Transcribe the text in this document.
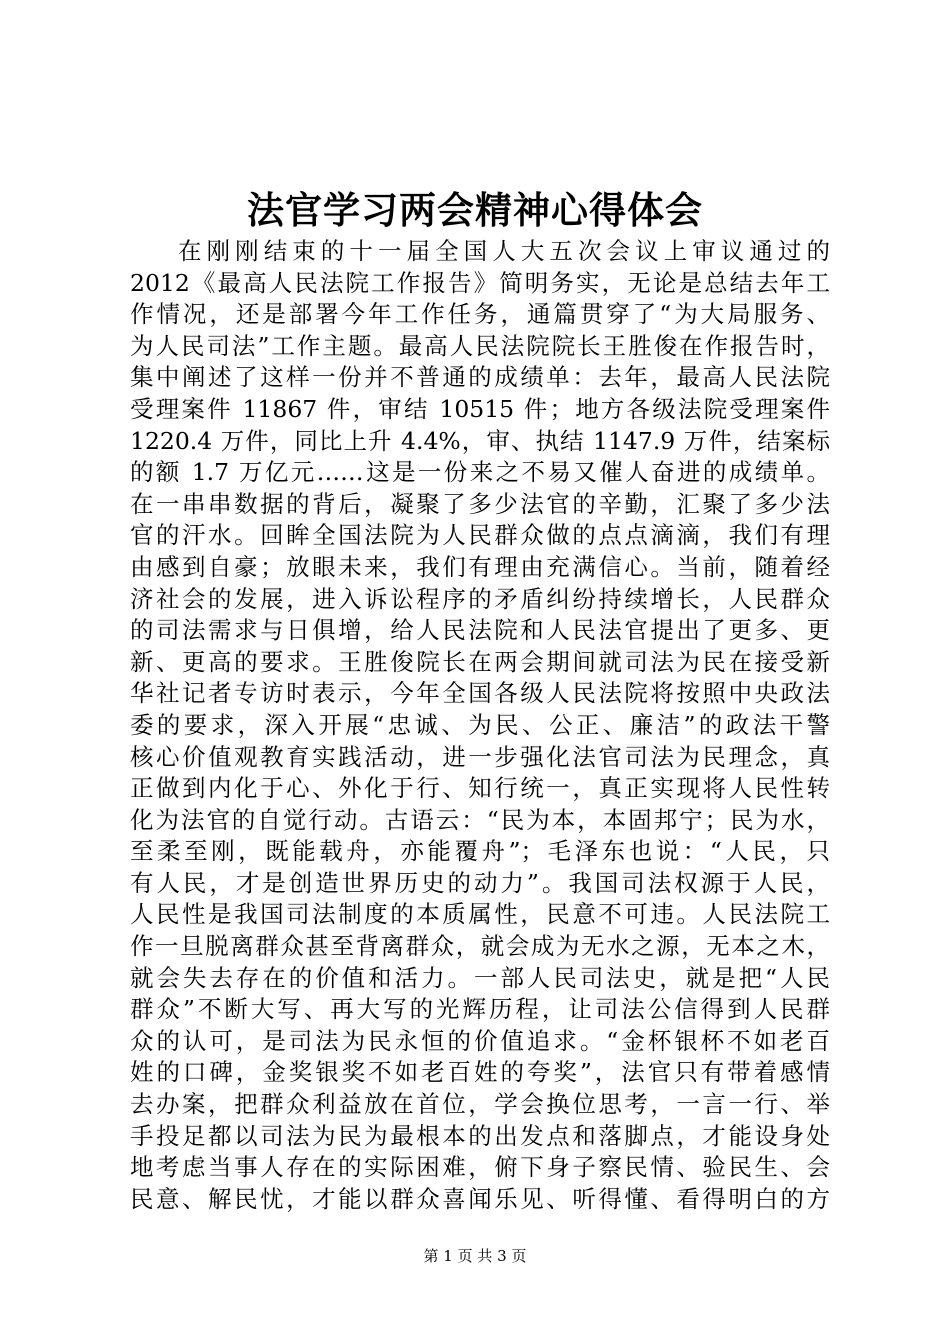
法官学习两会精神心得体会
在刚刚结束的十一届全国人大五次会议上审议通过的
2012《最高人民法院工作报告》简明务实，无论是总结去年工
作情况，还是部署今年工作任务，通篇贯穿了“为大局服务、
为人民司法”工作主题。最高人民法院院长王胜俊在作报告时，
集中阐述了这样一份并不普通的成绩单：去年，最高人民法院
受理案件 11867 件，审结 10515 件；地方各级法院受理案件
1220.4 万件，同比上升 4.4%，审、执结 1147.9 万件，结案标
的额 1.7 万亿元……这是一份来之不易又催人奋进的成绩单。
在一串串数据的背后，凝聚了多少法官的辛勤，汇聚了多少法
官的汗水。回眸全国法院为人民群众做的点点滴滴，我们有理
由感到自豪；放眼未来，我们有理由充满信心。当前，随着经
济社会的发展，进入诉讼程序的矛盾纠纷持续增长，人民群众
的司法需求与日俱增，给人民法院和人民法官提出了更多、更
新、更高的要求。王胜俊院长在两会期间就司法为民在接受新
华社记者专访时表示，今年全国各级人民法院将按照中央政法
委的要求，深入开展“忠诚、为民、公正、廉洁”的政法干警
核心价值观教育实践活动，进一步强化法官司法为民理念，真
正做到内化于心、外化于行、知行统一，真正实现将人民性转
化为法官的自觉行动。古语云：“民为本，本固邦宁；民为水，
至柔至刚，既能载舟，亦能覆舟”；毛泽东也说：“人民，只
有人民，才是创造世界历史的动力”。我国司法权源于人民，
人民性是我国司法制度的本质属性，民意不可违。人民法院工
作一旦脱离群众甚至背离群众，就会成为无水之源，无本之木，
就会失去存在的价值和活力。一部人民司法史，就是把“人民
群众”不断大写、再大写的光辉历程，让司法公信得到人民群
众的认可，是司法为民永恒的价值追求。“金杯银杯不如老百
姓的口碑，金奖银奖不如老百姓的夸奖”，法官只有带着感情
去办案，把群众利益放在首位，学会换位思考，一言一行、举
手投足都以司法为民为最根本的出发点和落脚点，才能设身处
地考虑当事人存在的实际困难，俯下身子察民情、验民生、会
民意、解民忧，才能以群众喜闻乐见、听得懂、看得明白的方
第 1 页 共 3 页
